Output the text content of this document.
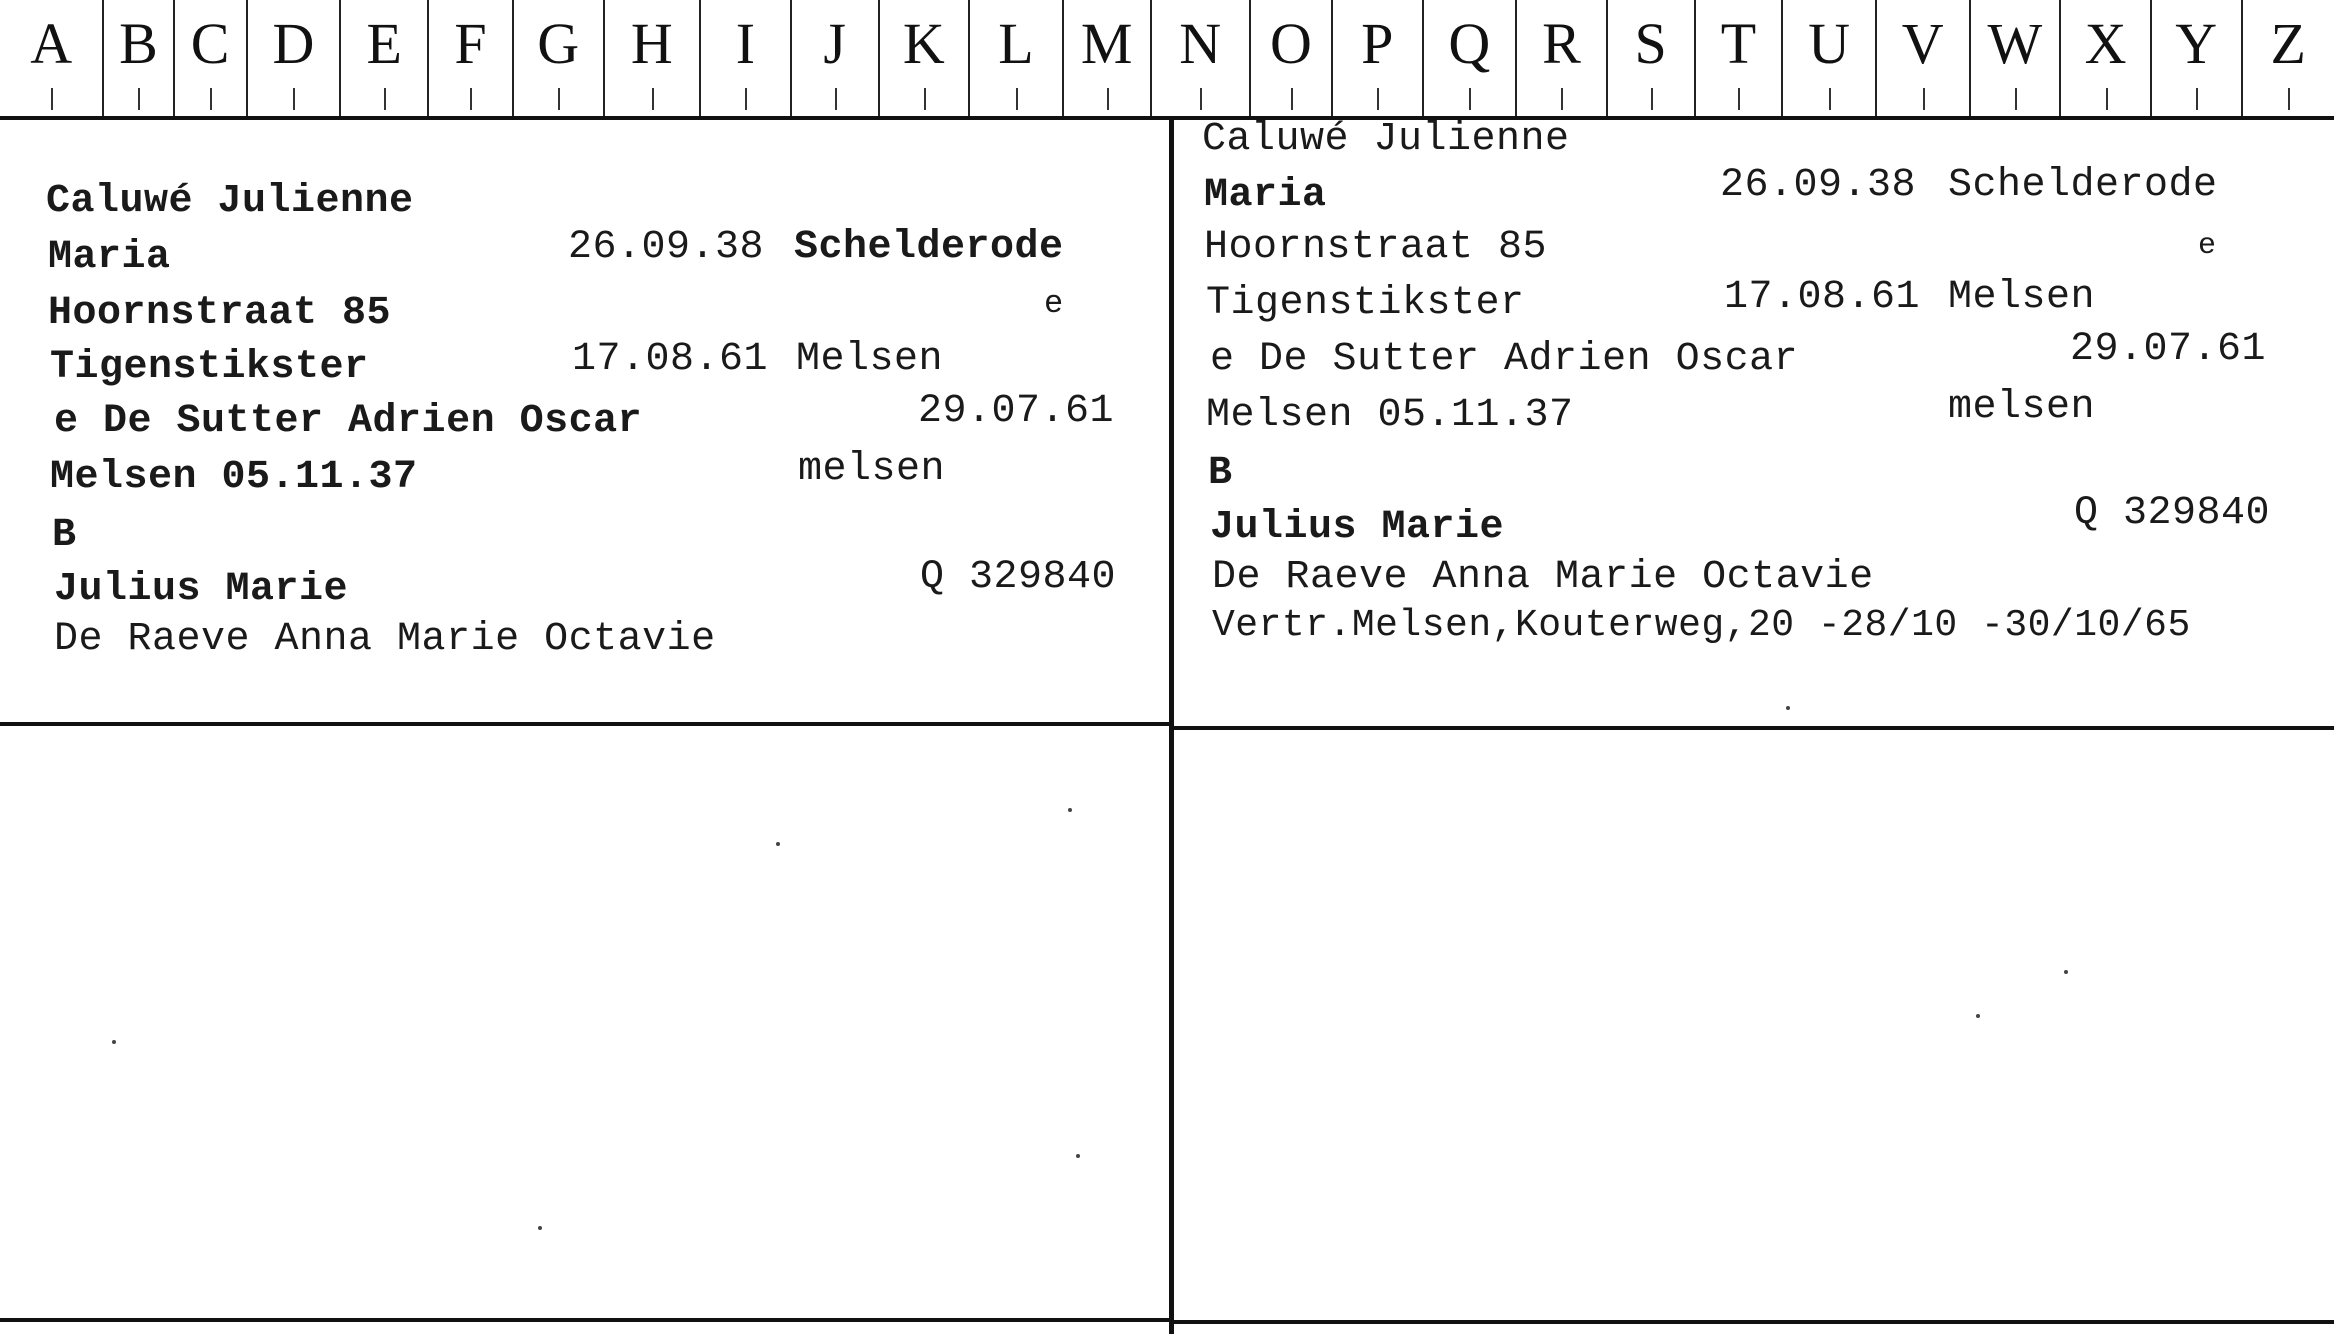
A B C D E F G H	I	J K L M N O P Q R S T U V W X Y Z
Caluwé Julienne
Maria	26.09.38 Schelderode
Hoornstraat 85	e
Tigenstikster	17.08.61 Melsen
e De Sutter Adrien Oscar	29.07.61
Melsen 05.11.37	melsen
B
Julius Marie	Q 329840
De Raeve Anna Marie Octavie
Caluwé Julienne
Maria	26.09.38 Schelderode
Hoornstraat 85	e
Tigenstikster	17.08.61 Melsen
e De Sutter Adrien Oscar	29.07.61
Melsen 05.11.37	melsen
B
Julius Marie	Q 329840
De Raeve Anna Marie Octavie
Vertr.Melsen,Kouterweg,20 -28/10 -30/10/65
